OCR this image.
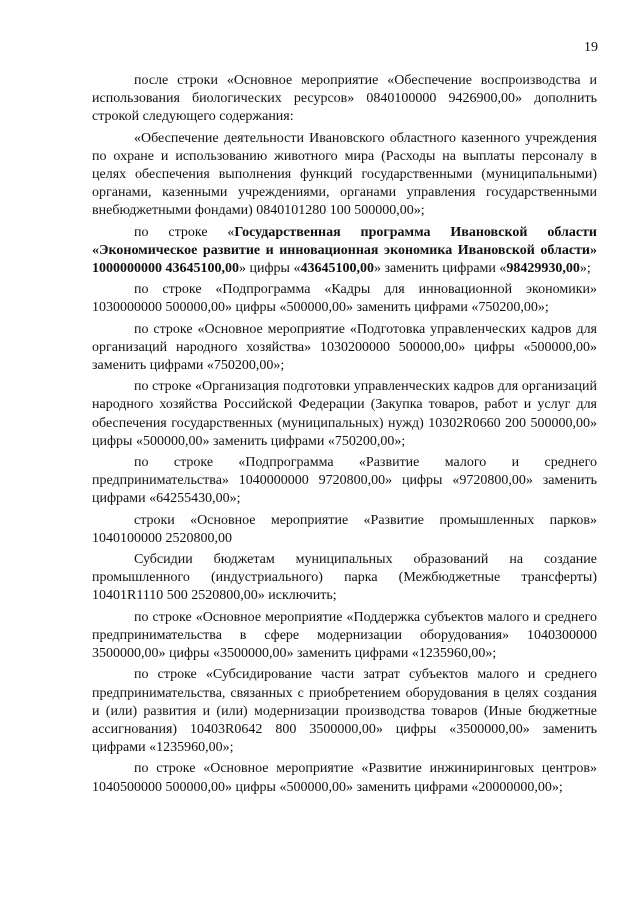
19

после строки «Основное мероприятие «Обеспечение воспроизводства и использования биологических ресурсов» 0840100000 9426900,00» дополнить строкой следующего содержания:

«Обеспечение деятельности Ивановского областного казенного учреждения по охране и использованию животного мира (Расходы на выплаты персоналу в целях обеспечения выполнения функций государственными (муниципальными) органами, казенными учреждениями, органами управления государственными внебюджетными фондами) 0840101280 100 500000,00»;

по строке «Государственная программа Ивановской области «Экономическое развитие и инновационная экономика Ивановской области» 1000000000 43645100,00» цифры «43645100,00» заменить цифрами «98429930,00»;

по строке «Подпрограмма «Кадры для инновационной экономики» 1030000000 500000,00» цифры «500000,00» заменить цифрами «750200,00»;

по строке «Основное мероприятие «Подготовка управленческих кадров для организаций народного хозяйства» 1030200000 500000,00» цифры «500000,00» заменить цифрами «750200,00»;

по строке «Организация подготовки управленческих кадров для организаций народного хозяйства Российской Федерации (Закупка товаров, работ и услуг для обеспечения государственных (муниципальных) нужд) 10302R0660 200 500000,00» цифры «500000,00» заменить цифрами «750200,00»;

по строке «Подпрограмма «Развитие малого и среднего предпринимательства» 1040000000 9720800,00» цифры «9720800,00» заменить цифрами «64255430,00»;

строки «Основное мероприятие «Развитие промышленных парков» 1040100000 2520800,00

Субсидии бюджетам муниципальных образований на создание промышленного (индустриального) парка (Межбюджетные трансферты) 10401R1110 500 2520800,00» исключить;

по строке «Основное мероприятие «Поддержка субъектов малого и среднего предпринимательства в сфере модернизации оборудования» 1040300000 3500000,00» цифры «3500000,00» заменить цифрами «1235960,00»;

по строке «Субсидирование части затрат субъектов малого и среднего предпринимательства, связанных с приобретением оборудования в целях создания и (или) развития и (или) модернизации производства товаров (Иные бюджетные ассигнования) 10403R0642 800 3500000,00» цифры «3500000,00» заменить цифрами «1235960,00»;

по строке «Основное мероприятие «Развитие инжиниринговых центров» 1040500000 500000,00» цифры «500000,00» заменить цифрами «20000000,00»;
